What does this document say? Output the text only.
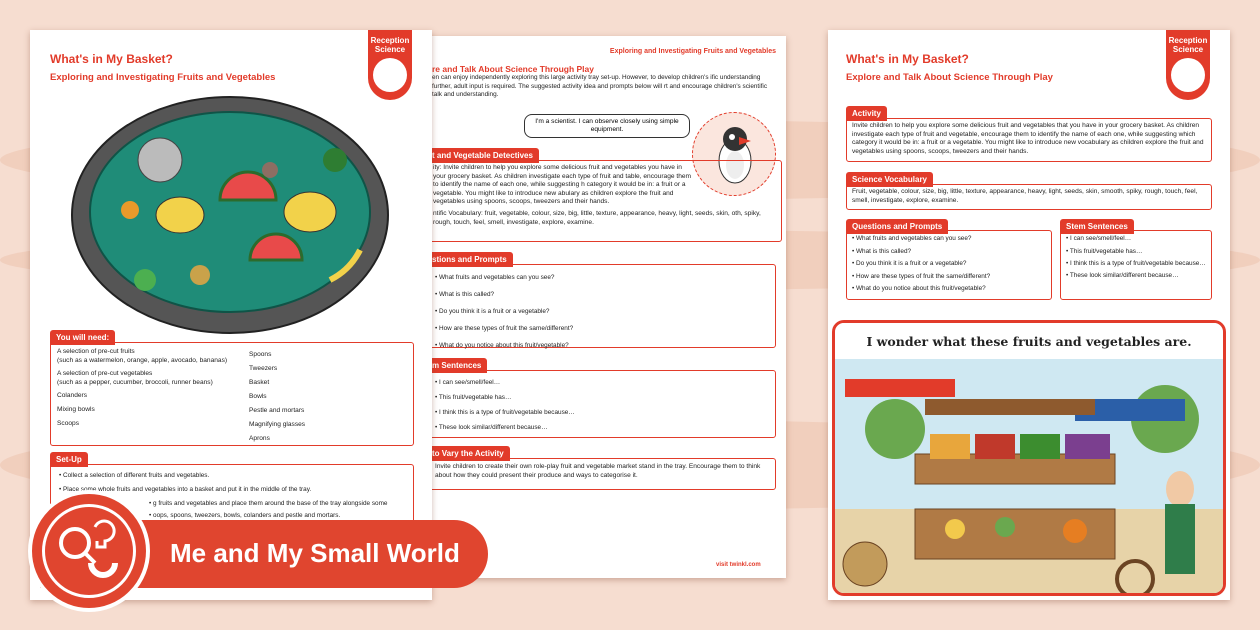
Exploring and Investigating Fruits and Vegetables
re and Talk About Science Through Play
en can enjoy independently exploring this large activity tray set-up. However, to develop children's ific understanding further, adult input is required. The suggested activity idea and prompts below will rt and encourage children's scientific talk and understanding.
I'm a scientist. I can observe closely using simple equipment.
t and Vegetable Detectives
ity: Invite children to help you explore some delicious fruit and vegetables you have in your grocery basket. As children investigate each type of fruit and table, encourage them to identify the name of each one, while suggesting h category it would be in: a fruit or a vegetable. You might like to introduce new abulary as children explore the fruit and vegetables using spoons, scoops, tweezers and their hands.
ntific Vocabulary: fruit, vegetable, colour, size, big, little, texture, appearance, heavy, light, seeds, skin, oth, spiky, rough, touch, feel, smell, investigate, explore, examine.
stions and Prompts
• What fruits and vegetables can you see?
• What is this called?
• Do you think it is a fruit or a vegetable?
• How are these types of fruit the same/different?
• What do you notice about this fruit/vegetable?
m Sentences
• I can see/smell/feel…
• This fruit/vegetable has…
• I think this is a type of fruit/vegetable because…
• These look similar/different because…
to Vary the Activity
Invite children to create their own role-play fruit and vegetable market stand in the tray. Encourage them to think about how they could present their produce and ways to categorise it.
visit twinkl.com
Reception Science
What's in My Basket?
Exploring and Investigating Fruits and Vegetables
You will need:
A selection of pre-cut fruits
(such as a watermelon, orange, apple, avocado, bananas)
A selection of pre-cut vegetables
(such as a pepper, cucumber, broccoli, runner beans)
Colanders
Mixing bowls
Scoops
Spoons
Tweezers
Basket
Bowls
Pestle and mortars
Magnifying glasses
Aprons
Set-Up
• Collect a selection of different fruits and vegetables.
• Place some whole fruits and vegetables into a basket and put it in the middle of the tray.
• g fruits and vegetables and place them around the base of the tray alongside some
• oops, spoons, tweezers, bowls, colanders and pestle and mortars.
Reception Science
What's in My Basket?
Explore and Talk About Science Through Play
Activity
Invite children to help you explore some delicious fruit and vegetables that you have in your grocery basket. As children investigate each type of fruit and vegetable, encourage them to identify the name of each one, while suggesting which category it would be in: a fruit or a vegetable. You might like to introduce new vocabulary as children explore the fruit and vegetables using spoons, scoops, tweezers and their hands.
Science Vocabulary
Fruit, vegetable, colour, size, big, little, texture, appearance, heavy, light, seeds, skin, smooth, spiky, rough, touch, feel, smell, investigate, explore, examine.
Questions and Prompts
• What fruits and vegetables can you see?
• What is this called?
• Do you think it is a fruit or a vegetable?
• How are these types of fruit the same/different?
• What do you notice about this fruit/vegetable?
Stem Sentences
• I can see/smell/feel…
• This fruit/vegetable has…
• I think this is a type of fruit/vegetable because…
• These look similar/different because…
I wonder what these fruits and vegetables are.
Me and My Small World
